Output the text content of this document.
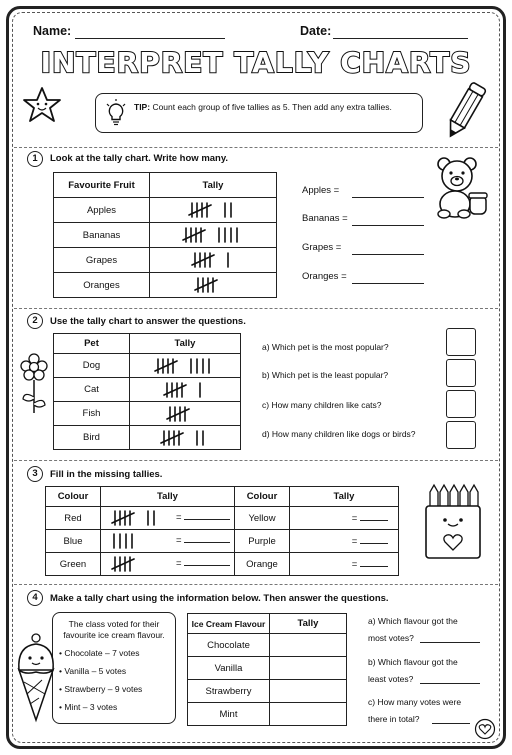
Name:	Date:
INTERPRET TALLY CHARTS
TIP: Count each group of five tallies as 5. Then add any extra tallies.
1	Look at the tally chart. Write how many.
Favourite Fruit	Tally
Apples	
Bananas	
Grapes	
Oranges	
Apples =
Bananas =
Grapes =
Oranges =
2	Use the tally chart to answer the questions.
Pet	Tally
Dog	
Cat	
Fish	
Bird	
a) Which pet is the most popular?
b) Which pet is the least popular?
c) How many children like cats?
d) How many children like dogs or birds?
3	Fill in the missing tallies.
Colour	Tally	Colour	Tally
Red	=	Yellow	=
Blue	=	Purple	=
Green	=	Orange	=
4	Make a tally chart using the information below. Then answer the questions.
The class voted for their favourite ice cream flavour.
• Chocolate – 7 votes
• Vanilla – 5 votes
• Strawberry – 9 votes
• Mint – 3 votes
Ice Cream Flavour	Tally
Chocolate	
Vanilla	
Strawberry	
Mint	
a) Which flavour got the
most votes?
b) Which flavour got the
least votes?
c) How many votes were
there in total?
